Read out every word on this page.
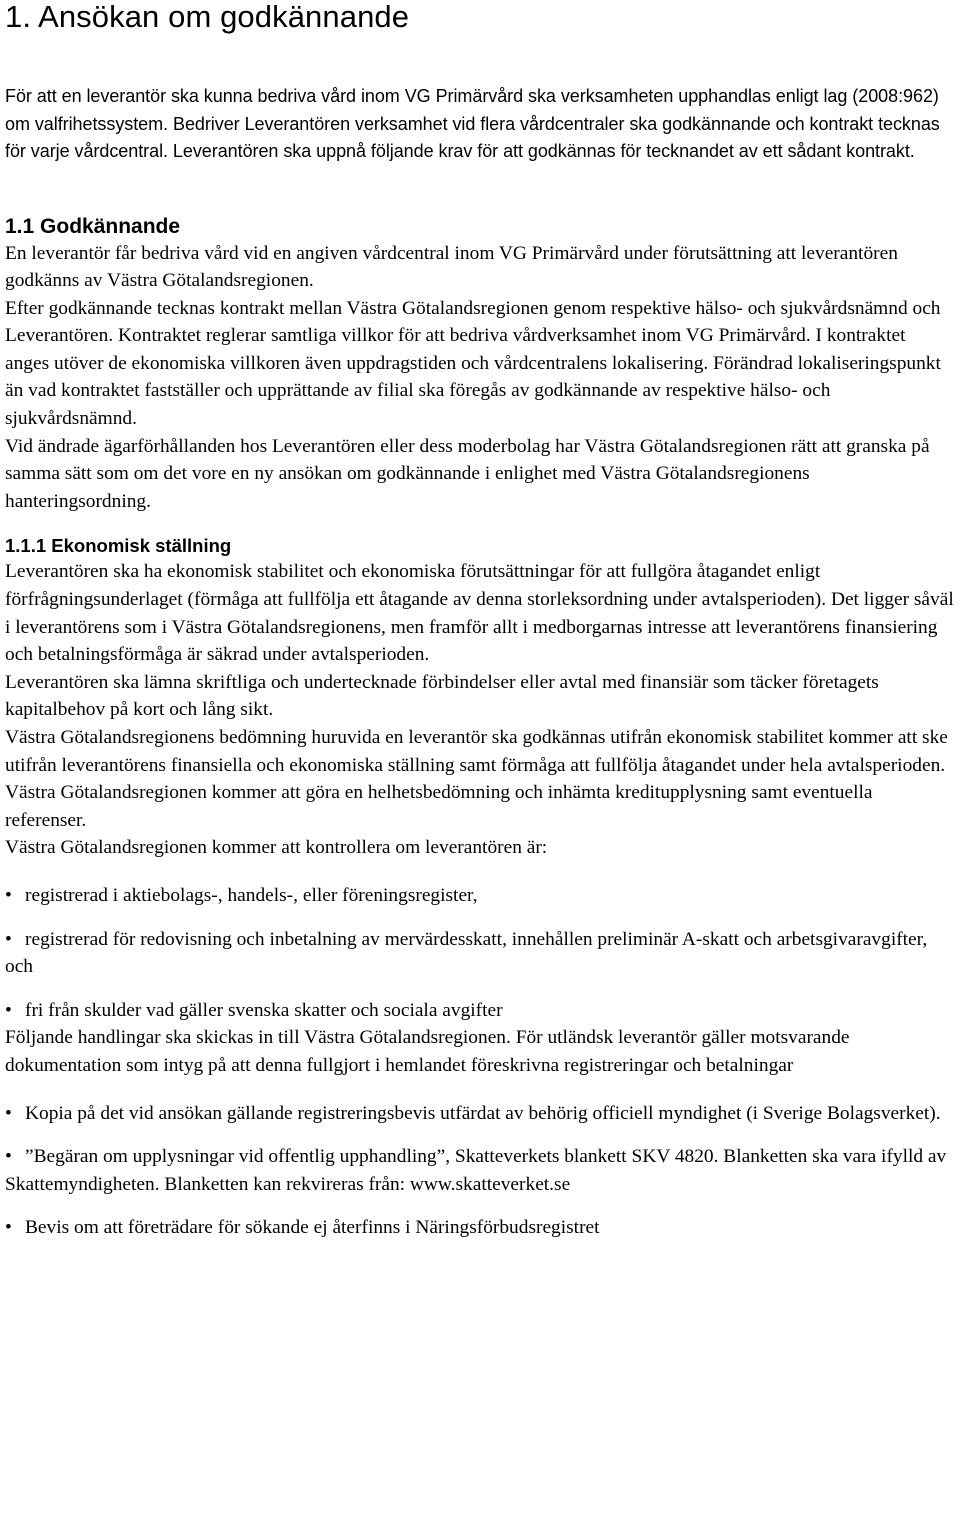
1. Ansökan om godkännande

För att en leverantör ska kunna bedriva vård inom VG Primärvård ska verksamheten upphandlas enligt lag (2008:962) om valfrihetssystem. Bedriver Leverantören verksamhet vid flera vårdcentraler ska godkännande och kontrakt tecknas för varje vårdcentral. Leverantören ska uppnå följande krav för att godkännas för tecknandet av ett sådant kontrakt.

1.1 Godkännande

En leverantör får bedriva vård vid en angiven vårdcentral inom VG Primärvård under förutsättning att leverantören godkänns av Västra Götalandsregionen.

Efter godkännande tecknas kontrakt mellan Västra Götalandsregionen genom respektive hälso- och sjukvårdsnämnd och Leverantören. Kontraktet reglerar samtliga villkor för att bedriva vårdverksamhet inom VG Primärvård. I kontraktet anges utöver de ekonomiska villkoren även uppdragstiden och vårdcentralens lokalisering. Förändrad lokaliseringspunkt än vad kontraktet fastställer och upprättande av filial ska föregås av godkännande av respektive hälso- och sjukvårdsnämnd.

Vid ändrade ägarförhållanden hos Leverantören eller dess moderbolag har Västra Götalandsregionen rätt att granska på samma sätt som om det vore en ny ansökan om godkännande i enlighet med Västra Götalandsregionens hanteringsordning.

1.1.1 Ekonomisk ställning

Leverantören ska ha ekonomisk stabilitet och ekonomiska förutsättningar för att fullgöra åtagandet enligt förfrågningsunderlaget (förmåga att fullfölja ett åtagande av denna storleksordning under avtalsperioden). Det ligger såväl i leverantörens som i Västra Götalandsregionens, men framför allt i medborgarnas intresse att leverantörens finansiering och betalningsförmåga är säkrad under avtalsperioden.

Leverantören ska lämna skriftliga och undertecknade förbindelser eller avtal med finansiär som täcker företagets kapitalbehov på kort och lång sikt.

Västra Götalandsregionens bedömning huruvida en leverantör ska godkännas utifrån ekonomisk stabilitet kommer att ske utifrån leverantörens finansiella och ekonomiska ställning samt förmåga att fullfölja åtagandet under hela avtalsperioden. Västra Götalandsregionen kommer att göra en helhetsbedömning och inhämta kreditupplysning samt eventuella referenser.

Västra Götalandsregionen kommer att kontrollera om leverantören är:

• registrerad i aktiebolags-, handels-, eller föreningsregister,
• registrerad för redovisning och inbetalning av mervärdesskatt, innehållen preliminär A-skatt och arbetsgivaravgifter, och
• fri från skulder vad gäller svenska skatter och sociala avgifter

Följande handlingar ska skickas in till Västra Götalandsregionen. För utländsk leverantör gäller motsvarande dokumentation som intyg på att denna fullgjort i hemlandet föreskrivna registreringar och betalningar

• Kopia på det vid ansökan gällande registreringsbevis utfärdat av behörig officiell myndighet (i Sverige Bolagsverket).
• ”Begäran om upplysningar vid offentlig upphandling”, Skatteverkets blankett SKV 4820. Blanketten ska vara ifylld av Skattemyndigheten. Blanketten kan rekvireras från: www.skatteverket.se
• Bevis om att företrädare för sökande ej återfinns i Näringsförbudsregistret
